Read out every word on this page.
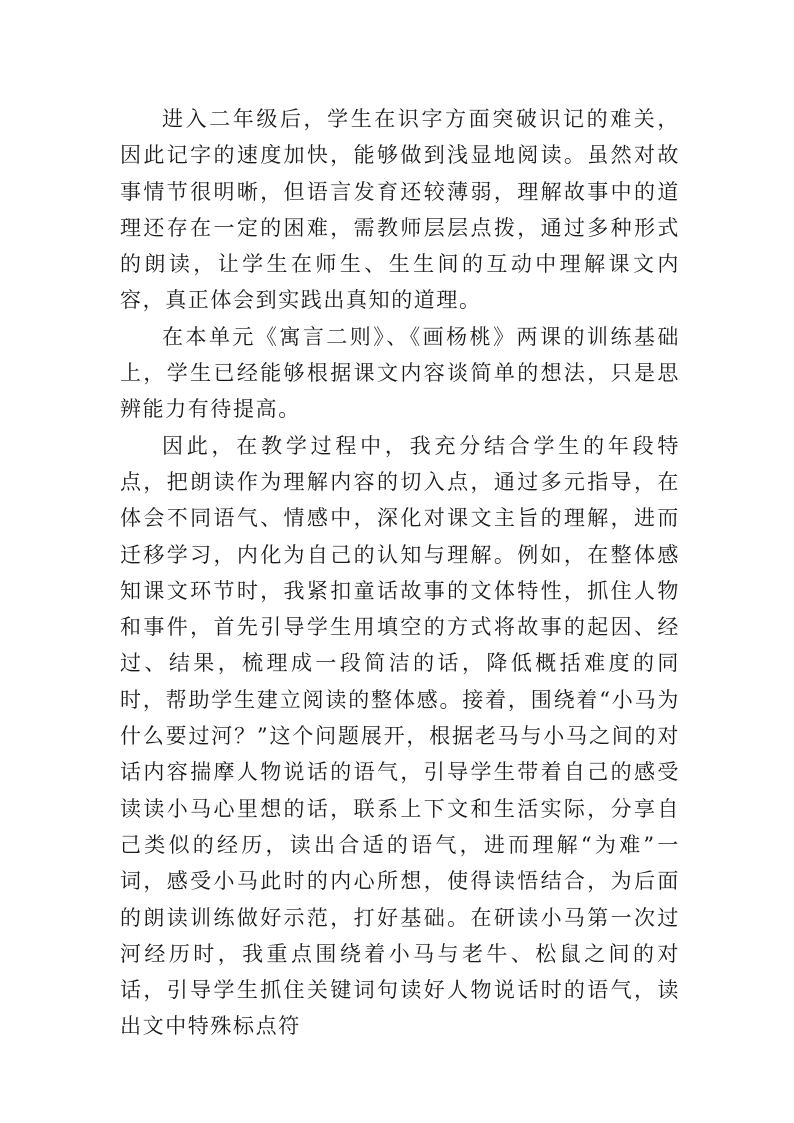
进入二年级后，学生在识字方面突破识记的难关，因此记字的速度加快，能够做到浅显地阅读。虽然对故事情节很明晰，但语言发育还较薄弱，理解故事中的道理还存在一定的困难，需教师层层点拨，通过多种形式的朗读，让学生在师生、生生间的互动中理解课文内容，真正体会到实践出真知的道理。

在本单元《寓言二则》、《画杨桃》两课的训练基础上，学生已经能够根据课文内容谈简单的想法，只是思辨能力有待提高。

因此，在教学过程中，我充分结合学生的年段特点，把朗读作为理解内容的切入点，通过多元指导，在体会不同语气、情感中，深化对课文主旨的理解，进而迁移学习，内化为自己的认知与理解。例如，在整体感知课文环节时，我紧扣童话故事的文体特性，抓住人物和事件，首先引导学生用填空的方式将故事的起因、经过、结果，梳理成一段简洁的话，降低概括难度的同时，帮助学生建立阅读的整体感。接着，围绕着“小马为什么要过河？”这个问题展开，根据老马与小马之间的对话内容揣摩人物说话的语气，引导学生带着自己的感受读读小马心里想的话，联系上下文和生活实际，分享自己类似的经历，读出合适的语气，进而理解“为难”一词，感受小马此时的内心所想，使得读悟结合，为后面的朗读训练做好示范，打好基础。在研读小马第一次过河经历时，我重点围绕着小马与老牛、松鼠之间的对话，引导学生抓住关键词句读好人物说话时的语气，读出文中特殊标点符
